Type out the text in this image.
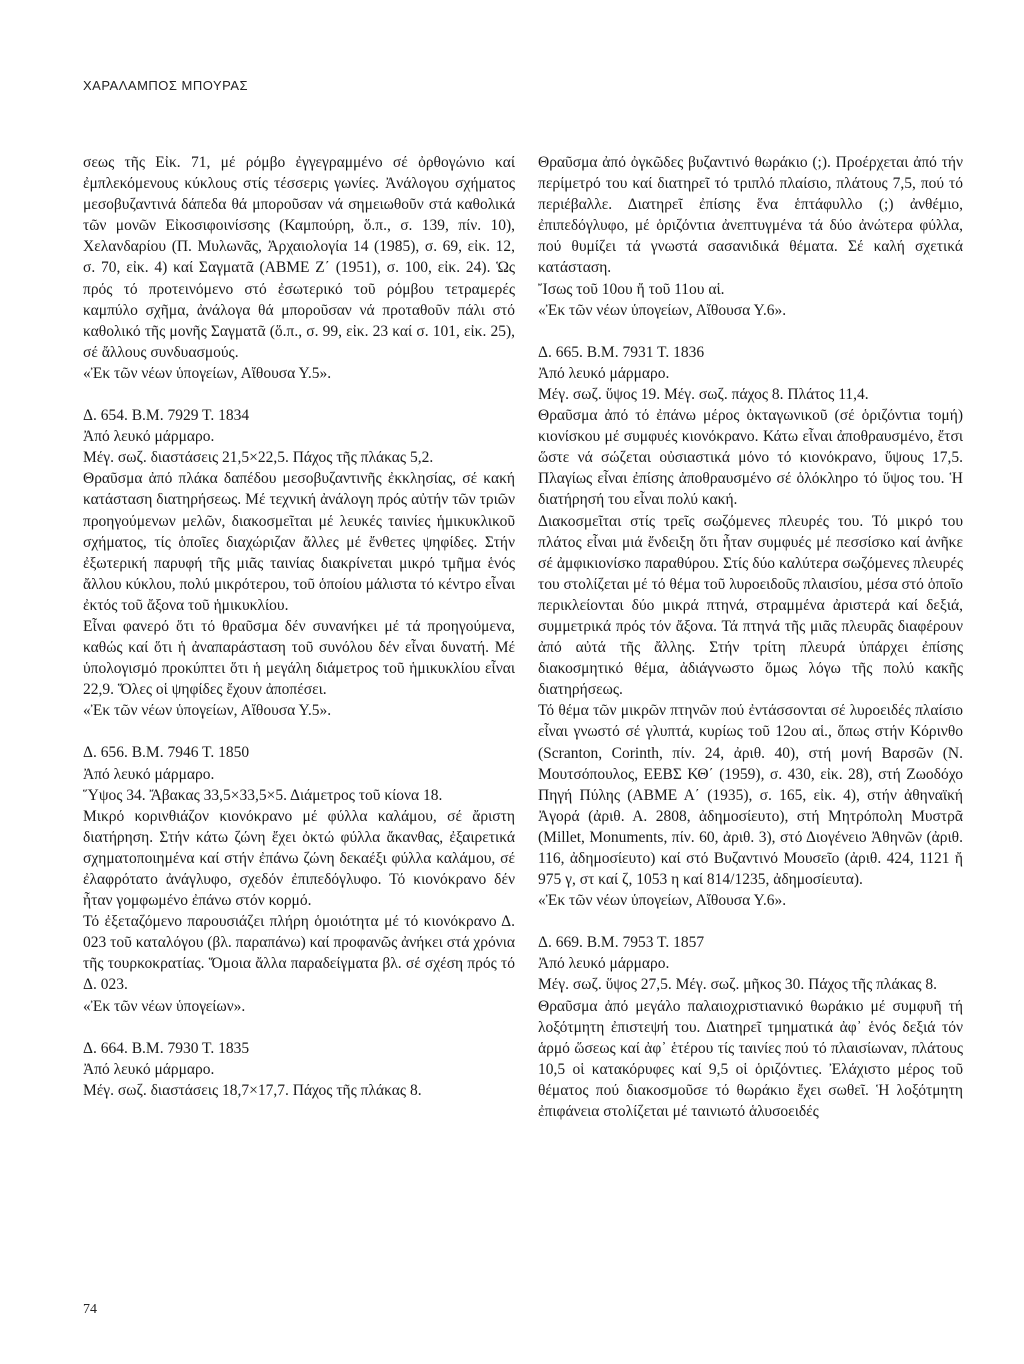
ΧΑΡΑΛΑΜΠΟΣ ΜΠΟΥΡΑΣ

σεως τῆς Εἰκ. 71, μέ ρόμβο ἐγγεγραμμένο σέ ὀρθογώνιο καί ἐμπλεκόμενους κύκλους στίς τέσσερις γωνίες. Ἀνάλογου σχήματος μεσοβυζαντινά δάπεδα θά μποροῦσαν νά σημειωθοῦν στά καθολικά τῶν μονῶν Εἰκοσιφοινίσσης (Καμπούρη, ὅ.π., σ. 139, πίν. 10), Χελανδαρίου (Π. Μυλωνᾶς, Ἀρχαιολογία 14 (1985), σ. 69, εἰκ. 12, σ. 70, εἰκ. 4) καί Σαγματᾶ (ΑΒΜΕ Ζ΄ (1951), σ. 100, εἰκ. 24). Ὡς πρός τό προτεινόμενο στό ἐσωτερικό τοῦ ρόμβου τετραμερές καμπύλο σχῆμα, ἀνάλογα θά μποροῦσαν νά προταθοῦν πάλι στό καθολικό τῆς μονῆς Σαγματᾶ (ὅ.π., σ. 99, εἰκ. 23 καί σ. 101, εἰκ. 25), σέ ἄλλους συνδυασμούς.

«Ἐκ τῶν νέων ὑπογείων, Αἴθουσα Υ.5».

Δ. 654. Β.Μ. 7929 Τ. 1834

Ἀπό λευκό μάρμαρο.

Μέγ. σωζ. διαστάσεις 21,5×22,5. Πάχος τῆς πλάκας 5,2.

Θραῦσμα ἀπό πλάκα δαπέδου μεσοβυζαντινῆς ἐκκλησίας, σέ κακή κατάσταση διατηρήσεως. Μέ τεχνική ἀνάλογη πρός αὐτήν τῶν τριῶν προηγούμενων μελῶν, διακοσμεῖται μέ λευκές ταινίες ἡμικυκλικοῦ σχήματος, τίς ὁποῖες διαχώριζαν ἄλλες μέ ἔνθετες ψηφίδες. Στήν ἐξωτερική παρυφή τῆς μιᾶς ταινίας διακρίνεται μικρό τμῆμα ἑνός ἄλλου κύκλου, πολύ μικρότερου, τοῦ ὁποίου μάλιστα τό κέντρο εἶναι ἐκτός τοῦ ἄξονα τοῦ ἡμικυκλίου.

Εἶναι φανερό ὅτι τό θραῦσμα δέν συνανήκει μέ τά προηγούμενα, καθώς καί ὅτι ἡ ἀναπαράσταση τοῦ συνόλου δέν εἶναι δυνατή. Μέ ὑπολογισμό προκύπτει ὅτι ἡ μεγάλη διάμετρος τοῦ ἡμικυκλίου εἶναι 22,9. Ὅλες οἱ ψηφίδες ἔχουν ἀποπέσει.

«Ἐκ τῶν νέων ὑπογείων, Αἴθουσα Υ.5».

Δ. 656. Β.Μ. 7946 Τ. 1850

Ἀπό λευκό μάρμαρο.

Ὕψος 34. Ἄβακας 33,5×33,5×5. Διάμετρος τοῦ κίονα 18.

Μικρό κορινθιάζον κιονόκρανο μέ φύλλα καλάμου, σέ ἄριστη διατήρηση. Στήν κάτω ζώνη ἔχει ὀκτώ φύλλα ἄκανθας, ἐξαιρετικά σχηματοποιημένα καί στήν ἐπάνω ζώνη δεκαέξι φύλλα καλάμου, σέ ἐλαφρότατο ἀνάγλυφο, σχεδόν ἐπιπεδόγλυφο. Τό κιονόκρανο δέν ἦταν γομφωμένο ἐπάνω στόν κορμό.

Τό ἐξεταζόμενο παρουσιάζει πλήρη ὁμοιότητα μέ τό κιονόκρανο Δ. 023 τοῦ καταλόγου (βλ. παραπάνω) καί προφανῶς ἀνήκει στά χρόνια τῆς τουρκοκρατίας. Ὅμοια ἄλλα παραδείγματα βλ. σέ σχέση πρός τό Δ. 023.

«Ἐκ τῶν νέων ὑπογείων».

Δ. 664. Β.Μ. 7930 Τ. 1835

Ἀπό λευκό μάρμαρο.

Μέγ. σωζ. διαστάσεις 18,7×17,7. Πάχος τῆς πλάκας 8.

Θραῦσμα ἀπό ὀγκῶδες βυζαντινό θωράκιο (;). Προέρχεται ἀπό τήν περίμετρό του καί διατηρεῖ τό τριπλό πλαίσιο, πλάτους 7,5, πού τό περιέβαλλε. Διατηρεῖ ἐπίσης ἕνα ἑπτάφυλλο (;) ἀνθέμιο, ἐπιπεδόγλυφο, μέ ὁριζόντια ἀνεπτυγμένα τά δύο ἀνώτερα φύλλα, πού θυμίζει τά γνωστά σασανιδικά θέματα. Σέ καλή σχετικά κατάσταση.

Ἴσως τοῦ 10ου ἤ τοῦ 11ου αἱ.

«Ἐκ τῶν νέων ὑπογείων, Αἴθουσα Υ.6».

Δ. 665. Β.Μ. 7931 Τ. 1836

Ἀπό λευκό μάρμαρο.

Μέγ. σωζ. ὕψος 19. Μέγ. σωζ. πάχος 8. Πλάτος 11,4.

Θραῦσμα ἀπό τό ἐπάνω μέρος ὀκταγωνικοῦ (σέ ὁριζόντια τομή) κιονίσκου μέ συμφυές κιονόκρανο. Κάτω εἶναι ἀποθραυσμένο, ἔτσι ὥστε νά σώζεται οὐσιαστικά μόνο τό κιονόκρανο, ὕψους 17,5. Πλαγίως εἶναι ἐπίσης ἀποθραυσμένο σέ ὁλόκληρο τό ὕψος του. Ἡ διατήρησή του εἶναι πολύ κακή.

Διακοσμεῖται στίς τρεῖς σωζόμενες πλευρές του. Τό μικρό του πλάτος εἶναι μιά ἔνδειξη ὅτι ἦταν συμφυές μέ πεσσίσκο καί ἀνῆκε σέ ἀμφικιονίσκο παραθύρου. Στίς δύο καλύτερα σωζόμενες πλευρές του στολίζεται μέ τό θέμα τοῦ λυροειδοῦς πλαισίου, μέσα στό ὁποῖο περικλείονται δύο μικρά πτηνά, στραμμένα ἀριστερά καί δεξιά, συμμετρικά πρός τόν ἄξονα. Τά πτηνά τῆς μιᾶς πλευρᾶς διαφέρουν ἀπό αὐτά τῆς ἄλλης. Στήν τρίτη πλευρά ὑπάρχει ἐπίσης διακοσμητικό θέμα, ἀδιάγνωστο ὅμως λόγω τῆς πολύ κακῆς διατηρήσεως.

Τό θέμα τῶν μικρῶν πτηνῶν πού ἐντάσσονται σέ λυροειδές πλαίσιο εἶναι γνωστό σέ γλυπτά, κυρίως τοῦ 12ου αἱ., ὅπως στήν Κόρινθο (Scranton, Corinth, πίν. 24, ἀριθ. 40), στή μονή Βαρσῶν (Ν. Μουτσόπουλος, ΕΕΒΣ ΚΘ΄ (1959), σ. 430, εἰκ. 28), στή Ζωοδόχο Πηγή Πύλης (ΑΒΜΕ Α΄ (1935), σ. 165, εἰκ. 4), στήν ἀθηναϊκή Ἀγορά (ἀριθ. Α. 2808, ἀδημοσίευτο), στή Μητρόπολη Μυστρᾶ (Millet, Monuments, πίν. 60, ἀριθ. 3), στό Διογένειο Ἀθηνῶν (ἀριθ. 116, ἀδημοσίευτο) καί στό Βυζαντινό Μουσεῖο (ἀριθ. 424, 1121 ἤ 975 γ, στ καί ζ, 1053 η καί 814/1235, ἀδημοσίευτα).

«Ἐκ τῶν νέων ὑπογείων, Αἴθουσα Υ.6».

Δ. 669. Β.Μ. 7953 Τ. 1857

Ἀπό λευκό μάρμαρο.

Μέγ. σωζ. ὕψος 27,5. Μέγ. σωζ. μῆκος 30. Πάχος τῆς πλάκας 8.

Θραῦσμα ἀπό μεγάλο παλαιοχριστιανικό θωράκιο μέ συμφυῆ τή λοξότμητη ἐπιστεψή του. Διατηρεῖ τμηματικά ἀφ᾽ ἑνός δεξιά τόν ἁρμό ὥσεως καί ἀφ᾽ ἑτέρου τίς ταινίες πού τό πλαισίωναν, πλάτους 10,5 οἱ κατακόρυφες καί 9,5 οἱ ὁριζόντιες. Ἐλάχιστο μέρος τοῦ θέματος πού διακοσμοῦσε τό θωράκιο ἔχει σωθεῖ. Ἡ λοξότμητη ἐπιφάνεια στολίζεται μέ ταινιωτό ἁλυσοειδές

74
